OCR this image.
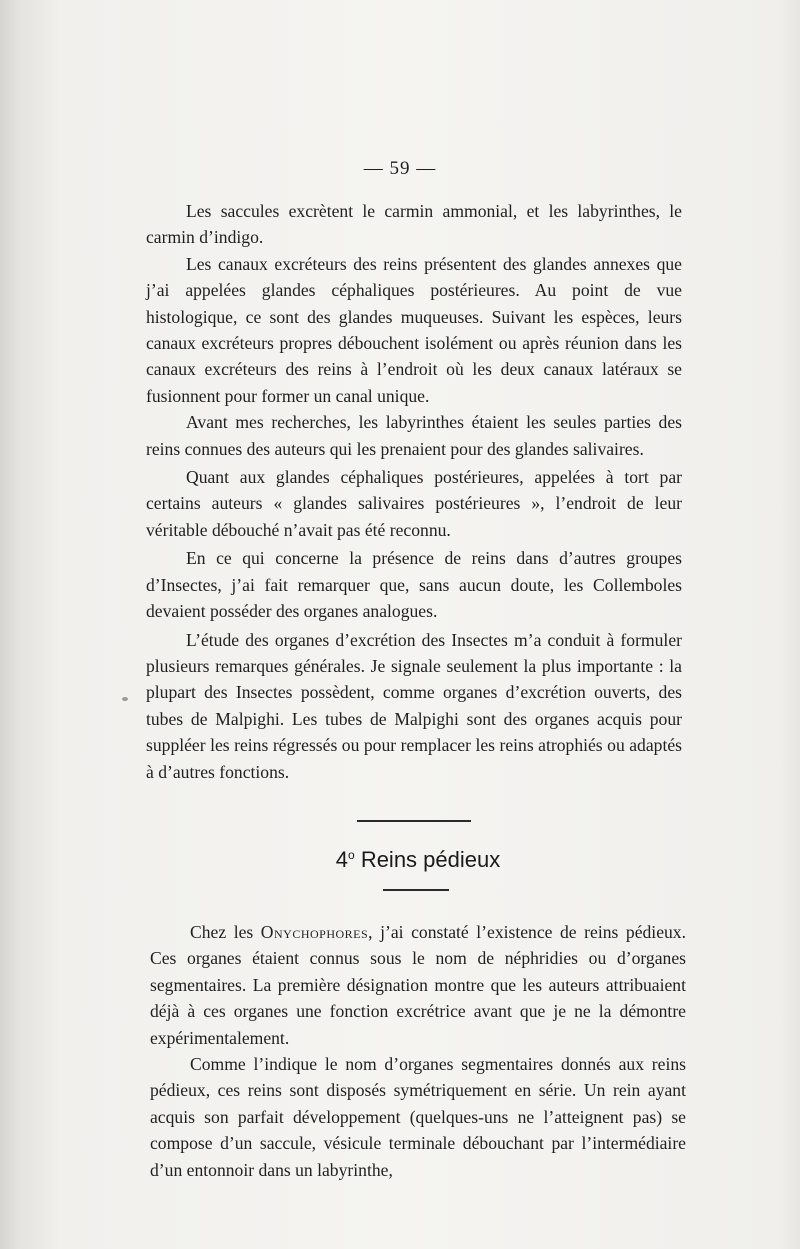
— 59 —

Les saccules excrètent le carmin ammonial, et les labyrinthes, le carmin d’indigo.

Les canaux excréteurs des reins présentent des glandes annexes que j’ai appelées glandes céphaliques postérieures. Au point de vue histologique, ce sont des glandes muqueuses. Suivant les espèces, leurs canaux excréteurs propres débouchent isolément ou après réunion dans les canaux excréteurs des reins à l’endroit où les deux canaux latéraux se fusionnent pour former un canal unique.

Avant mes recherches, les labyrinthes étaient les seules parties des reins connues des auteurs qui les prenaient pour des glandes salivaires.

Quant aux glandes céphaliques postérieures, appelées à tort par certains auteurs « glandes salivaires postérieures », l’endroit de leur véritable débouché n’avait pas été reconnu.

En ce qui concerne la présence de reins dans d’autres groupes d’Insectes, j’ai fait remarquer que, sans aucun doute, les Collemboles devaient posséder des organes analogues.

L’étude des organes d’excrétion des Insectes m’a conduit à formuler plusieurs remarques générales. Je signale seulement la plus importante : la plupart des Insectes possèdent, comme organes d’excrétion ouverts, des tubes de Malpighi. Les tubes de Malpighi sont des organes acquis pour suppléer les reins régressés ou pour remplacer les reins atrophiés ou adaptés à d’autres fonctions.

4$^o$ Reins pédieux

Chez les Onychophores, j’ai constaté l’existence de reins pédieux. Ces organes étaient connus sous le nom de néphridies ou d’organes segmentaires. La première désignation montre que les auteurs attribuaient déjà à ces organes une fonction excrétrice avant que je ne la démontre expérimentalement.

Comme l’indique le nom d’organes segmentaires donnés aux reins pédieux, ces reins sont disposés symétriquement en série. Un rein ayant acquis son parfait développement (quelques-uns ne l’atteignent pas) se compose d’un saccule, vésicule terminale débouchant par l’intermédiaire d’un entonnoir dans un labyrinthe,
